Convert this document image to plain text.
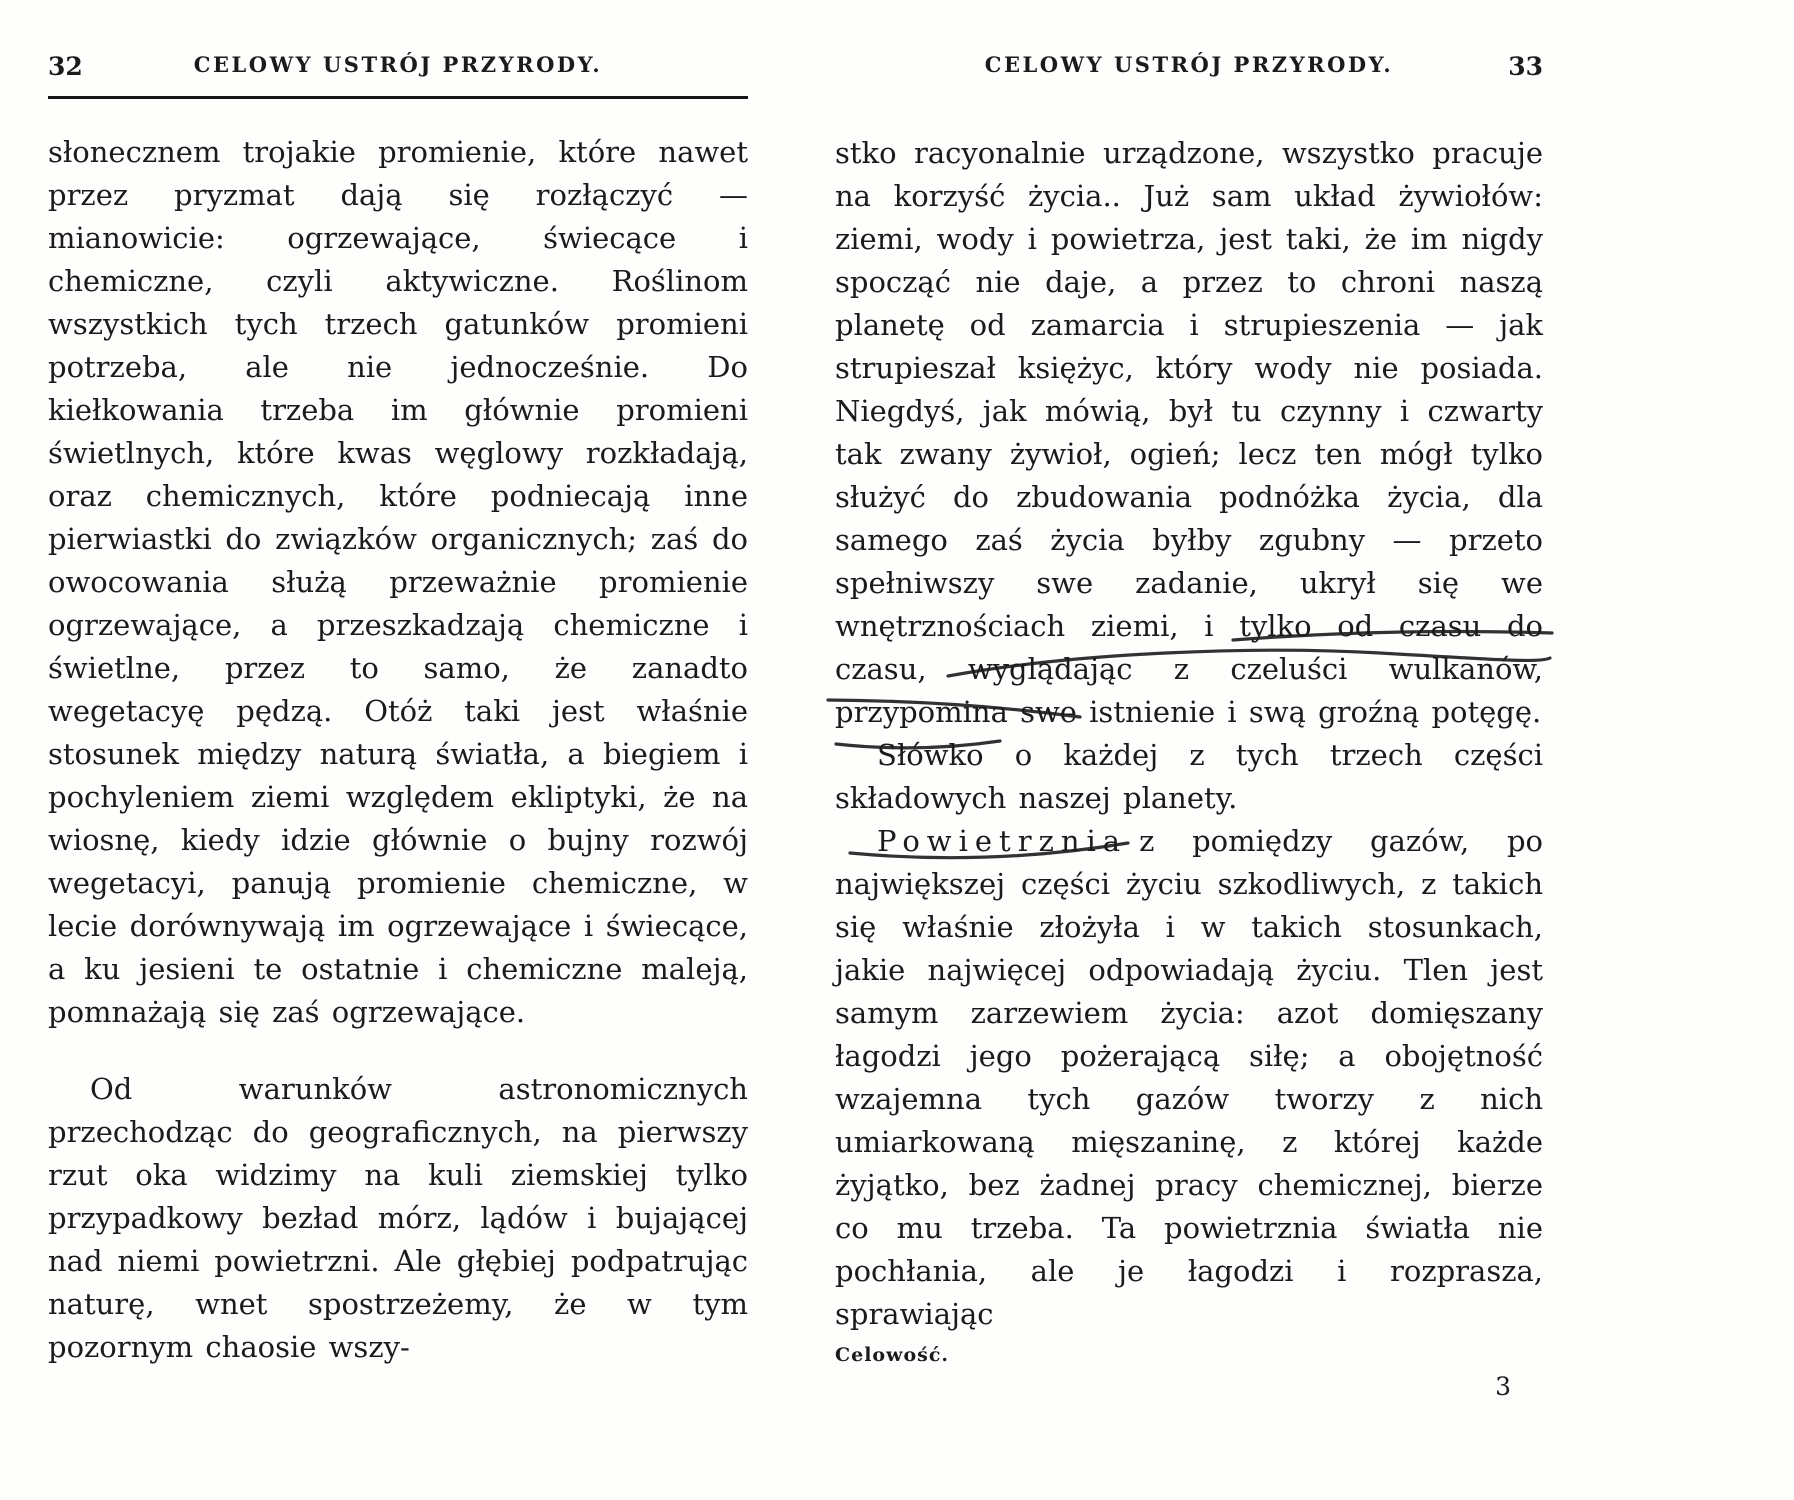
32	CELOWY USTRÓJ PRZYRODY.

słonecznem trojakie promienie, które nawet przez pryzmat dają się rozłączyć — mianowicie: ogrzewające, świecące i chemiczne, czyli aktywiczne. Roślinom wszystkich tych trzech gatunków promieni potrzeba, ale nie jednocześnie. Do kiełkowania trzeba im głównie promieni świetlnych, które kwas węglowy rozkładają, oraz chemicznych, które podniecają inne pierwiastki do związków organicznych; zaś do owocowania służą przeważnie promienie ogrzewające, a przeszkadzają chemiczne i świetlne, przez to samo, że zanadto wegetacyę pędzą. Otóż taki jest właśnie stosunek między naturą światła, a biegiem i pochyleniem ziemi względem ekliptyki, że na wiosnę, kiedy idzie głównie o bujny rozwój wegetacyi, panują promienie chemiczne, w lecie dorównywają im ogrzewające i świecące, a ku jesieni te ostatnie i chemiczne maleją, pomnażają się zaś ogrzewające.

Od warunków astronomicznych przechodząc do geograficznych, na pierwszy rzut oka widzimy na kuli ziemskiej tylko przypadkowy bezład mórz, lądów i bujającej nad niemi powietrzni. Ale głębiej podpatrując naturę, wnet spostrzeżemy, że w tym pozornym chaosie wszy-

CELOWY USTRÓJ PRZYRODY.	33

stko racyonalnie urządzone, wszystko pracuje na korzyść życia.. Już sam układ żywiołów: ziemi, wody i powietrza, jest taki, że im nigdy spocząć nie daje, a przez to chroni naszą planetę od zamarcia i strupieszenia — jak strupieszał księżyc, który wody nie posiada. Niegdyś, jak mówią, był tu czynny i czwarty tak zwany żywioł, ogień; lecz ten mógł tylko służyć do zbudowania podnóżka życia, dla samego zaś życia byłby zgubny — przeto spełniwszy swe zadanie, ukrył się we wnętrznościach ziemi, i tylko od czasu do czasu, wyglądając z czeluści wulkanów, przypomina swe istnienie i swą groźną potęgę.

Słówko o każdej z tych trzech części składowych naszej planety.

Powietrznia z pomiędzy gazów, po największej części życiu szkodliwych, z takich się właśnie złożyła i w takich stosunkach, jakie najwięcej odpowiadają życiu. Tlen jest samym zarzewiem życia: azot domięszany łagodzi jego pożerającą siłę; a obojętność wzajemna tych gazów tworzy z nich umiarkowaną mięszaninę, z której każde żyjątko, bez żadnej pracy chemicznej, bierze co mu trzeba. Ta powietrznia światła nie pochłania, ale je łagodzi i rozprasza, sprawiając

Celowość.
3
